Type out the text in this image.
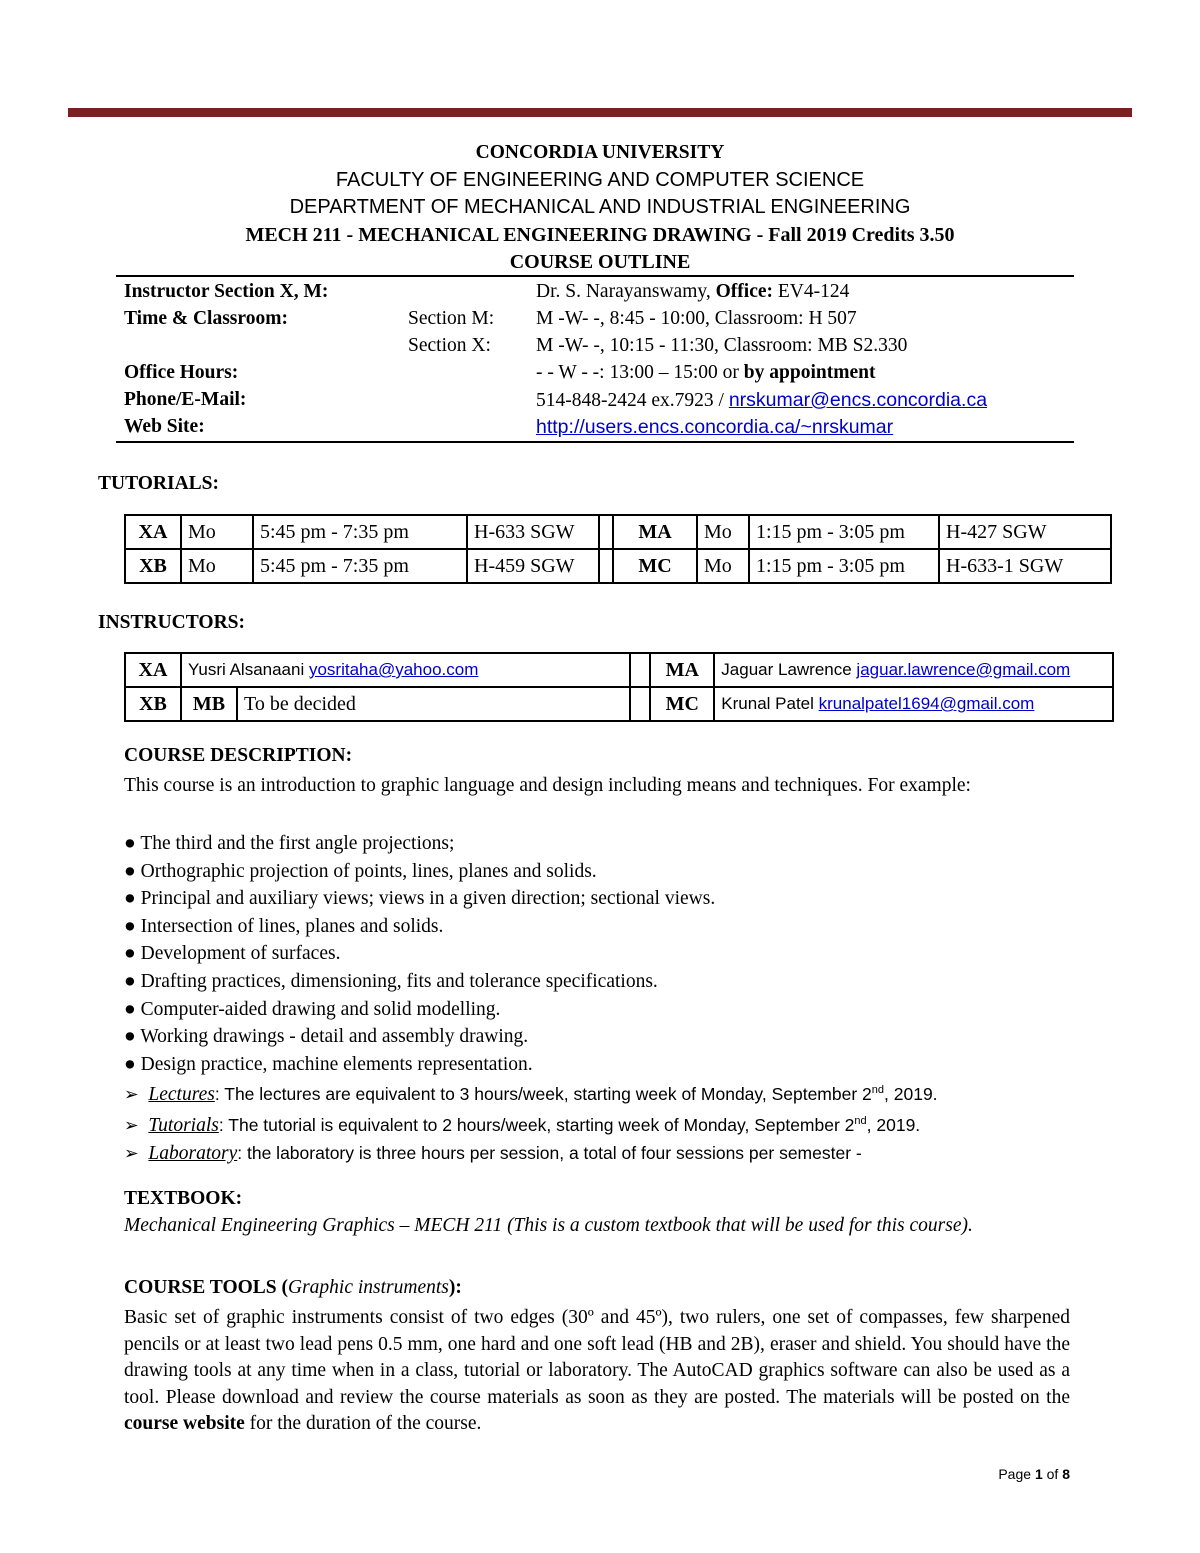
CONCORDIA UNIVERSITY
FACULTY OF ENGINEERING AND COMPUTER SCIENCE
DEPARTMENT OF MECHANICAL AND INDUSTRIAL ENGINEERING
MECH 211 - MECHANICAL ENGINEERING DRAWING - Fall 2019 Credits 3.50
COURSE OUTLINE
Instructor Section X, M:	Dr. S. Narayanswamy, Office: EV4-124
Time & Classroom:	Section M: M -W- -, 8:45 - 10:00, Classroom: H 507
Section X: M -W- -, 10:15 - 11:30, Classroom: MB S2.330
Office Hours:	- - W - -: 13:00 – 15:00 or by appointment
Phone/E-Mail:	514-848-2424 ex.7923 / nrskumar@encs.concordia.ca
Web Site:	http://users.encs.concordia.ca/~nrskumar
TUTORIALS:
XA	Mo	5:45 pm - 7:35 pm	H-633 SGW		MA	Mo	1:15 pm - 3:05 pm	H-427 SGW
XB	Mo	5:45 pm - 7:35 pm	H-459 SGW		MC	Mo	1:15 pm - 3:05 pm	H-633-1 SGW
INSTRUCTORS:
XA	Yusri Alsanaani yosritaha@yahoo.com			MA	Jaguar Lawrence jaguar.lawrence@gmail.com
XB	MB	To be decided		MC	Krunal Patel krunalpatel1694@gmail.com
COURSE DESCRIPTION:
This course is an introduction to graphic language and design including means and techniques. For example:
● The third and the first angle projections;
● Orthographic projection of points, lines, planes and solids.
● Principal and auxiliary views; views in a given direction; sectional views.
● Intersection of lines, planes and solids.
● Development of surfaces.
● Drafting practices, dimensioning, fits and tolerance specifications.
● Computer-aided drawing and solid modelling.
● Working drawings - detail and assembly drawing.
● Design practice, machine elements representation.
➢ Lectures: The lectures are equivalent to 3 hours/week, starting week of Monday, September 2nd, 2019.
➢ Tutorials: The tutorial is equivalent to 2 hours/week, starting week of Monday, September 2nd, 2019.
➢ Laboratory: the laboratory is three hours per session, a total of four sessions per semester -
TEXTBOOK:
Mechanical Engineering Graphics – MECH 211 (This is a custom textbook that will be used for this course).
COURSE TOOLS (Graphic instruments):
Basic set of graphic instruments consist of two edges (30º and 45º), two rulers, one set of compasses, few sharpened pencils or at least two lead pens 0.5 mm, one hard and one soft lead (HB and 2B), eraser and shield. You should have the drawing tools at any time when in a class, tutorial or laboratory. The AutoCAD graphics software can also be used as a tool. Please download and review the course materials as soon as they are posted. The materials will be posted on the course website for the duration of the course.
Page 1 of 8
